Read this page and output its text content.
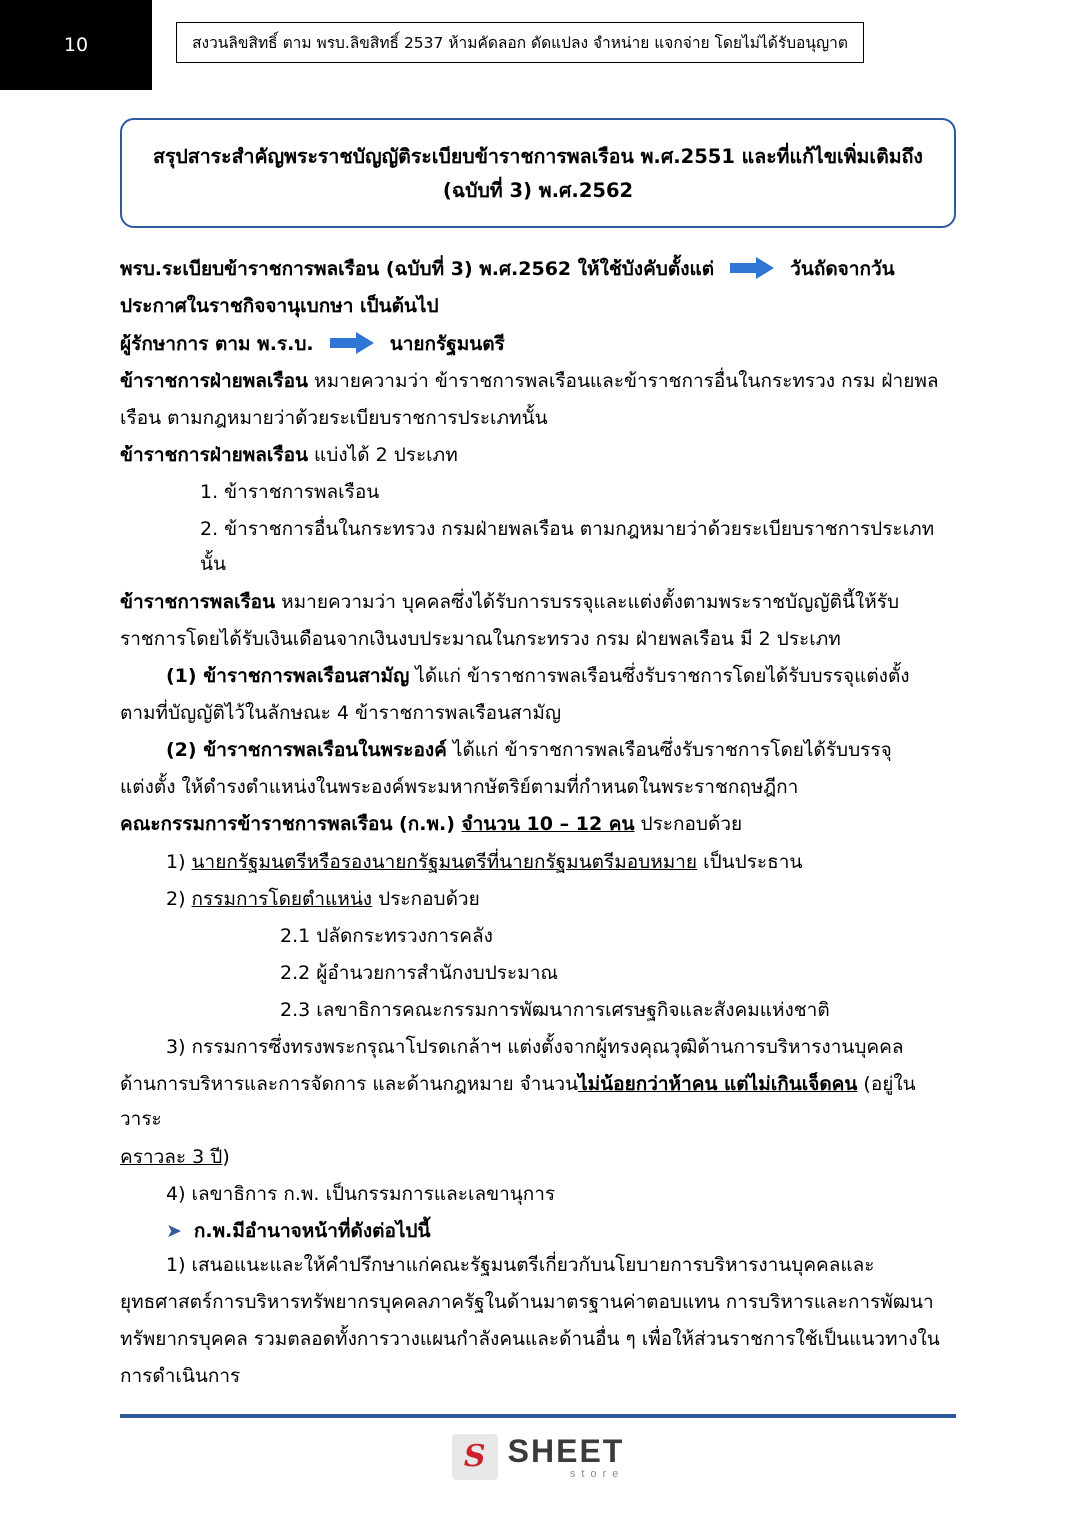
10	สงวนลิขสิทธิ์ ตาม พรบ.ลิขสิทธิ์ 2537 ห้ามคัดลอก ดัดแปลง จำหน่าย แจกจ่าย โดยไม่ได้รับอนุญาต
สรุปสาระสำคัญพระราชบัญญัติระเบียบข้าราชการพลเรือน พ.ศ.2551 และที่แก้ไขเพิ่มเติมถึง (ฉบับที่ 3) พ.ศ.2562

พรบ.ระเบียบข้าราชการพลเรือน (ฉบับที่ 3) พ.ศ.2562 ให้ใช้บังคับตั้งแต่	วันถัดจากวัน

ประกาศในราชกิจจานุเบกษา เป็นต้นไป

ผู้รักษาการ ตาม พ.ร.บ.	นายกรัฐมนตรี

ข้าราชการฝ่ายพลเรือน หมายความว่า ข้าราชการพลเรือนและข้าราชการอื่นในกระทรวง กรม ฝ่ายพล

เรือน ตามกฎหมายว่าด้วยระเบียบราชการประเภทนั้น

ข้าราชการฝ่ายพลเรือน แบ่งได้ 2 ประเภท

1. ข้าราชการพลเรือน

2. ข้าราชการอื่นในกระทรวง กรมฝ่ายพลเรือน ตามกฎหมายว่าด้วยระเบียบราชการประเภทนั้น

ข้าราชการพลเรือน หมายความว่า บุคคลซึ่งได้รับการบรรจุและแต่งตั้งตามพระราชบัญญัตินี้ให้รับ

ราชการโดยได้รับเงินเดือนจากเงินงบประมาณในกระทรวง กรม ฝ่ายพลเรือน มี 2 ประเภท

(1) ข้าราชการพลเรือนสามัญ ได้แก่ ข้าราชการพลเรือนซึ่งรับราชการโดยได้รับบรรจุแต่งตั้ง

ตามที่บัญญัติไว้ในลักษณะ 4 ข้าราชการพลเรือนสามัญ

(2) ข้าราชการพลเรือนในพระองค์ ได้แก่ ข้าราชการพลเรือนซึ่งรับราชการโดยได้รับบรรจุ

แต่งตั้ง ให้ดำรงตำแหน่งในพระองค์พระมหากษัตริย์ตามที่กำหนดในพระราชกฤษฎีกา

คณะกรรมการข้าราชการพลเรือน (ก.พ.) จำนวน 10 – 12 คน ประกอบด้วย

1) นายกรัฐมนตรีหรือรองนายกรัฐมนตรีที่นายกรัฐมนตรีมอบหมาย เป็นประธาน

2) กรรมการโดยตำแหน่ง ประกอบด้วย

2.1 ปลัดกระทรวงการคลัง

2.2 ผู้อำนวยการสำนักงบประมาณ

2.3 เลขาธิการคณะกรรมการพัฒนาการเศรษฐกิจและสังคมแห่งชาติ

3) กรรมการซึ่งทรงพระกรุณาโปรดเกล้าฯ แต่งตั้งจากผู้ทรงคุณวุฒิด้านการบริหารงานบุคคล

ด้านการบริหารและการจัดการ และด้านกฎหมาย จำนวนไม่น้อยกว่าห้าคน แต่ไม่เกินเจ็ดคน (อยู่ในวาระ

คราวละ 3 ปี)

4) เลขาธิการ ก.พ. เป็นกรรมการและเลขานุการ

➤ ก.พ.มีอำนาจหน้าที่ดังต่อไปนี้

1) เสนอแนะและให้คำปรึกษาแก่คณะรัฐมนตรีเกี่ยวกับนโยบายการบริหารงานบุคคลและ

ยุทธศาสตร์การบริหารทรัพยากรบุคคลภาครัฐในด้านมาตรฐานค่าตอบแทน การบริหารและการพัฒนา

ทรัพยากรบุคคล รวมตลอดทั้งการวางแผนกำลังคนและด้านอื่น ๆ เพื่อให้ส่วนราชการใช้เป็นแนวทางใน

การดำเนินการ

S SHEET
store
